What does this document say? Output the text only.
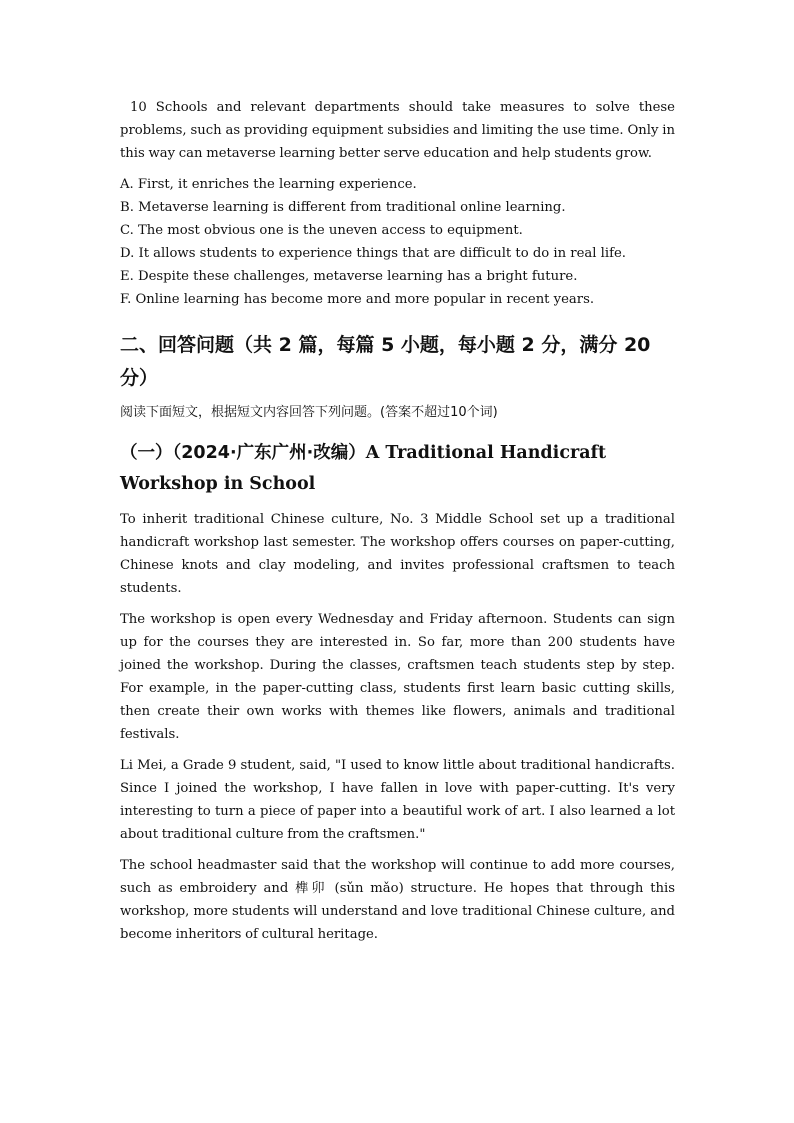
10 Schools and relevant departments should take measures to solve these problems, such as providing equipment subsidies and limiting the use time. Only in this way can metaverse learning better serve education and help students grow.

A. First, it enriches the learning experience.

B. Metaverse learning is different from traditional online learning.

C. The most obvious one is the uneven access to equipment.

D. It allows students to experience things that are difficult to do in real life.

E. Despite these challenges, metaverse learning has a bright future.

F. Online learning has become more and more popular in recent years.

二、回答问题（共 2 篇，每篇 5 小题，每小题 2 分，满分 20 分）

阅读下面短文，根据短文内容回答下列问题。(答案不超过10个词)

（一）（2024·广东广州·改编）A Traditional Handicraft Workshop in School

To inherit traditional Chinese culture, No. 3 Middle School set up a traditional handicraft workshop last semester. The workshop offers courses on paper-cutting, Chinese knots and clay modeling, and invites professional craftsmen to teach students.

The workshop is open every Wednesday and Friday afternoon. Students can sign up for the courses they are interested in. So far, more than 200 students have joined the workshop. During the classes, craftsmen teach students step by step. For example, in the paper-cutting class, students first learn basic cutting skills, then create their own works with themes like flowers, animals and traditional festivals.

Li Mei, a Grade 9 student, said, "I used to know little about traditional handicrafts. Since I joined the workshop, I have fallen in love with paper-cutting. It's very interesting to turn a piece of paper into a beautiful work of art. I also learned a lot about traditional culture from the craftsmen."

The school headmaster said that the workshop will continue to add more courses, such as embroidery and 榫卯 (sǔn mǎo) structure. He hopes that through this workshop, more students will understand and love traditional Chinese culture, and become inheritors of cultural heritage.
